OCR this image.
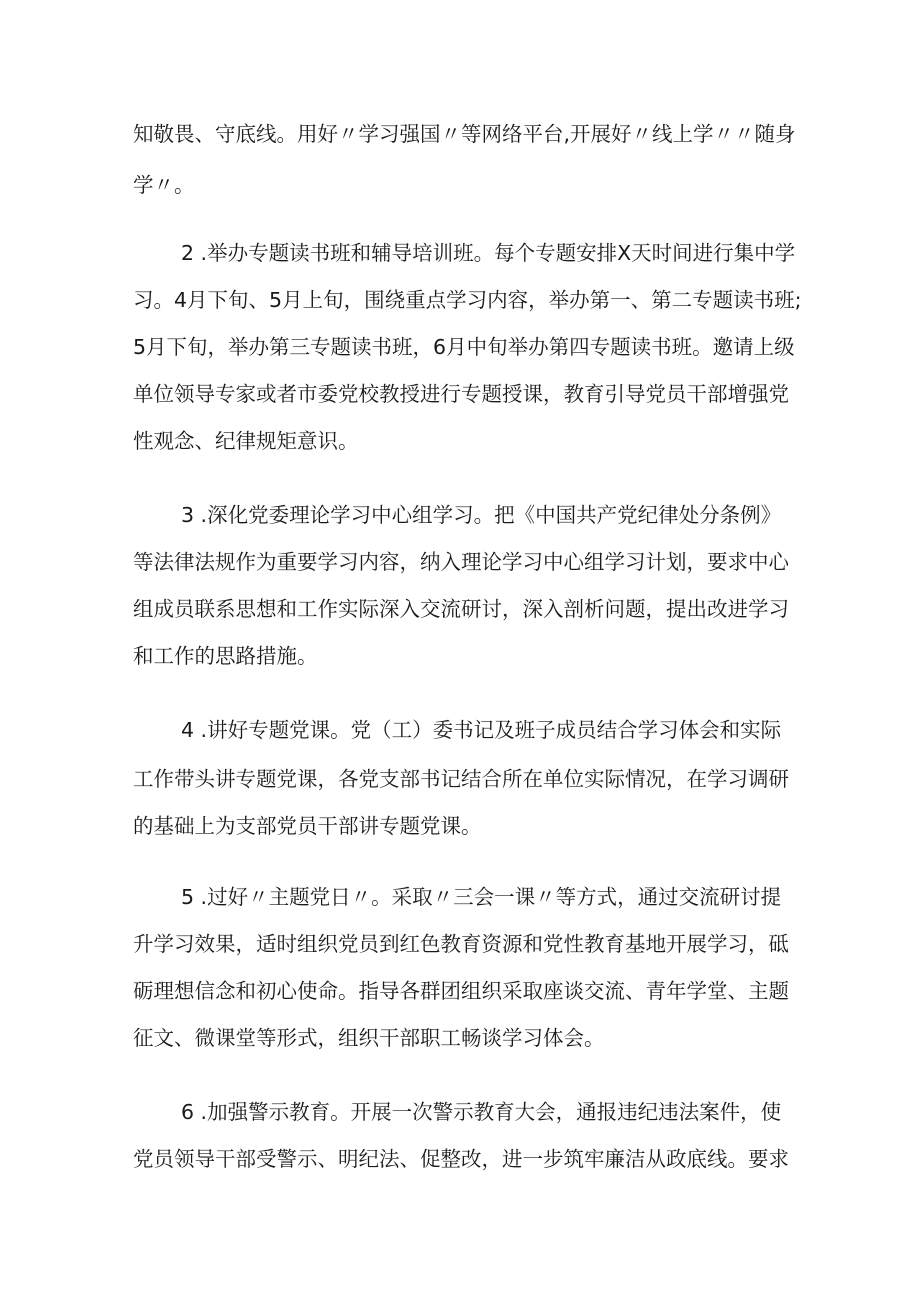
知敬畏、守底线。用好〃学习强国〃等网络平台,开展好〃线上学〃〃随身
学〃。
2 .举办专题读书班和辅导培训班。每个专题安排X天时间进行集中学
习。4月下旬、5月上旬，围绕重点学习内容，举办第一、第二专题读书班;
5月下旬，举办第三专题读书班，6月中旬举办第四专题读书班。邀请上级
单位领导专家或者市委党校教授进行专题授课，教育引导党员干部增强党
性观念、纪律规矩意识。
3 .深化党委理论学习中心组学习。把《中国共产党纪律处分条例》
等法律法规作为重要学习内容，纳入理论学习中心组学习计划，要求中心
组成员联系思想和工作实际深入交流研讨，深入剖析问题，提出改进学习
和工作的思路措施。
4 .讲好专题党课。党（工）委书记及班子成员结合学习体会和实际
工作带头讲专题党课，各党支部书记结合所在单位实际情况，在学习调研
的基础上为支部党员干部讲专题党课。
5 .过好〃主题党日〃。采取〃三会一课〃等方式，通过交流研讨提
升学习效果，适时组织党员到红色教育资源和党性教育基地开展学习，砥
砺理想信念和初心使命。指导各群团组织采取座谈交流、青年学堂、主题
征文、微课堂等形式，组织干部职工畅谈学习体会。
6 .加强警示教育。开展一次警示教育大会，通报违纪违法案件，使
党员领导干部受警示、明纪法、促整改，进一步筑牢廉洁从政底线。要求
